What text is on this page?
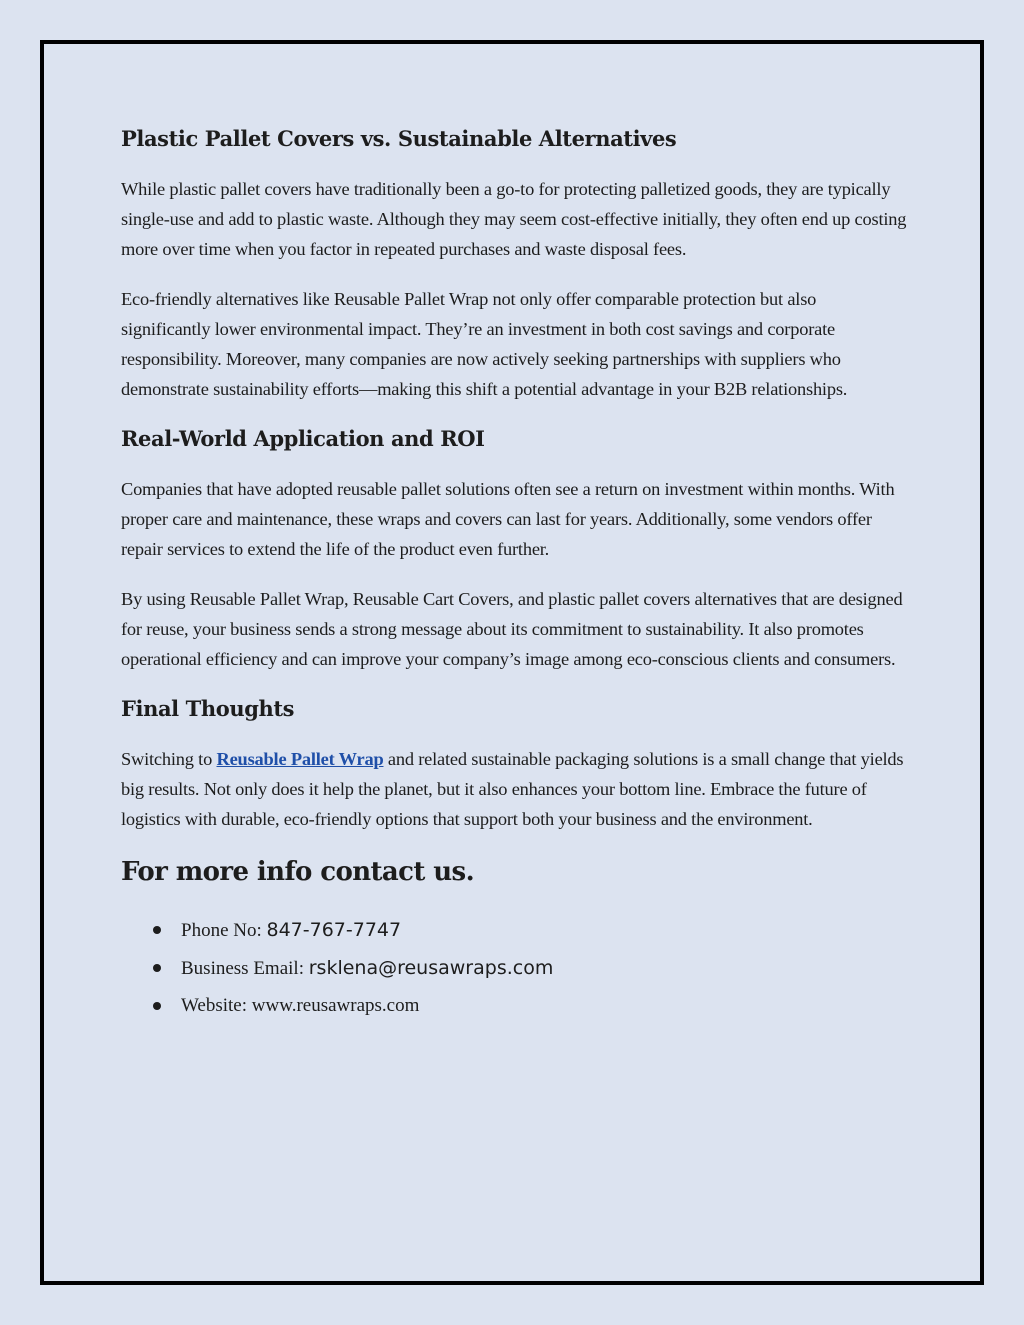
Plastic Pallet Covers vs. Sustainable Alternatives

While plastic pallet covers have traditionally been a go-to for protecting palletized goods, they are typically single-use and add to plastic waste. Although they may seem cost-effective initially, they often end up costing more over time when you factor in repeated purchases and waste disposal fees.

Eco-friendly alternatives like Reusable Pallet Wrap not only offer comparable protection but also significantly lower environmental impact. They’re an investment in both cost savings and corporate responsibility. Moreover, many companies are now actively seeking partnerships with suppliers who demonstrate sustainability efforts—making this shift a potential advantage in your B2B relationships.

Real-World Application and ROI

Companies that have adopted reusable pallet solutions often see a return on investment within months. With proper care and maintenance, these wraps and covers can last for years. Additionally, some vendors offer repair services to extend the life of the product even further.

By using Reusable Pallet Wrap, Reusable Cart Covers, and plastic pallet covers alternatives that are designed for reuse, your business sends a strong message about its commitment to sustainability. It also promotes operational efficiency and can improve your company’s image among eco-conscious clients and consumers.

Final Thoughts

Switching to Reusable Pallet Wrap and related sustainable packaging solutions is a small change that yields big results. Not only does it help the planet, but it also enhances your bottom line. Embrace the future of logistics with durable, eco-friendly options that support both your business and the environment.

For more info contact us.
Phone No: 847-767-7747
Business Email: rsklena@reusawraps.com
Website: www.reusawraps.com
